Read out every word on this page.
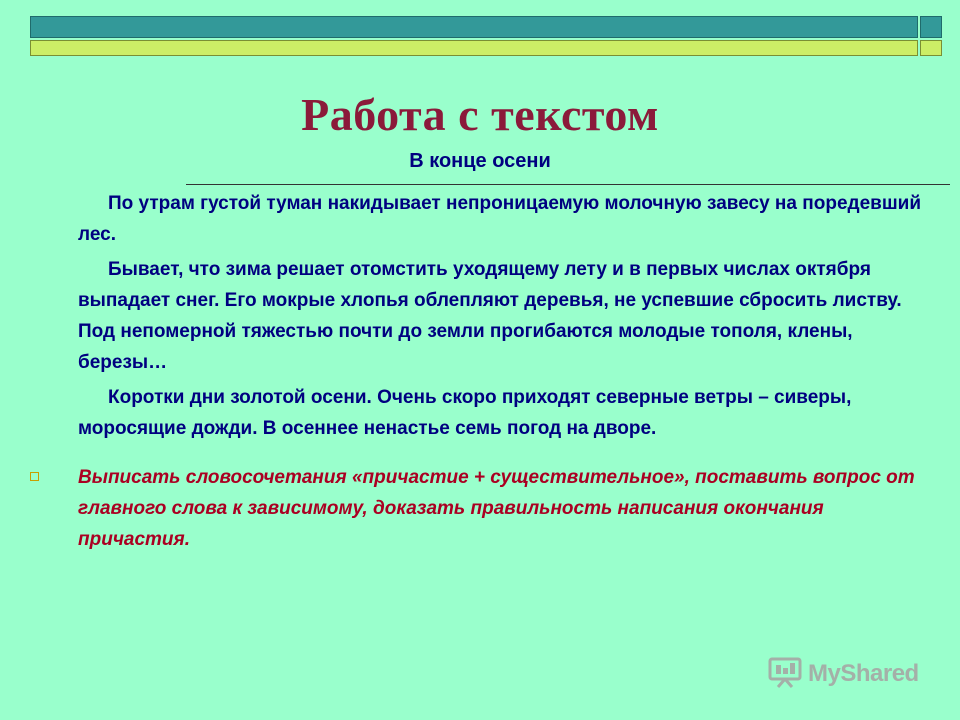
Работа с текстом
В конце осени

По утрам густой туман накидывает непроницаемую молочную завесу на поредевший лес.

Бывает, что зима решает отомстить уходящему лету и в первых числах октября выпадает снег. Его мокрые хлопья облепляют деревья, не успевшие сбросить листву. Под непомерной тяжестью почти до земли прогибаются молодые тополя, клены, березы…

Коротки дни золотой осени. Очень скоро приходят северные ветры – сиверы, моросящие дожди. В осеннее ненастье семь погод на дворе.

Выписать словосочетания «причастие + существительное», поставить вопрос от главного слова к зависимому, доказать правильность написания окончания причастия.
MyShared
